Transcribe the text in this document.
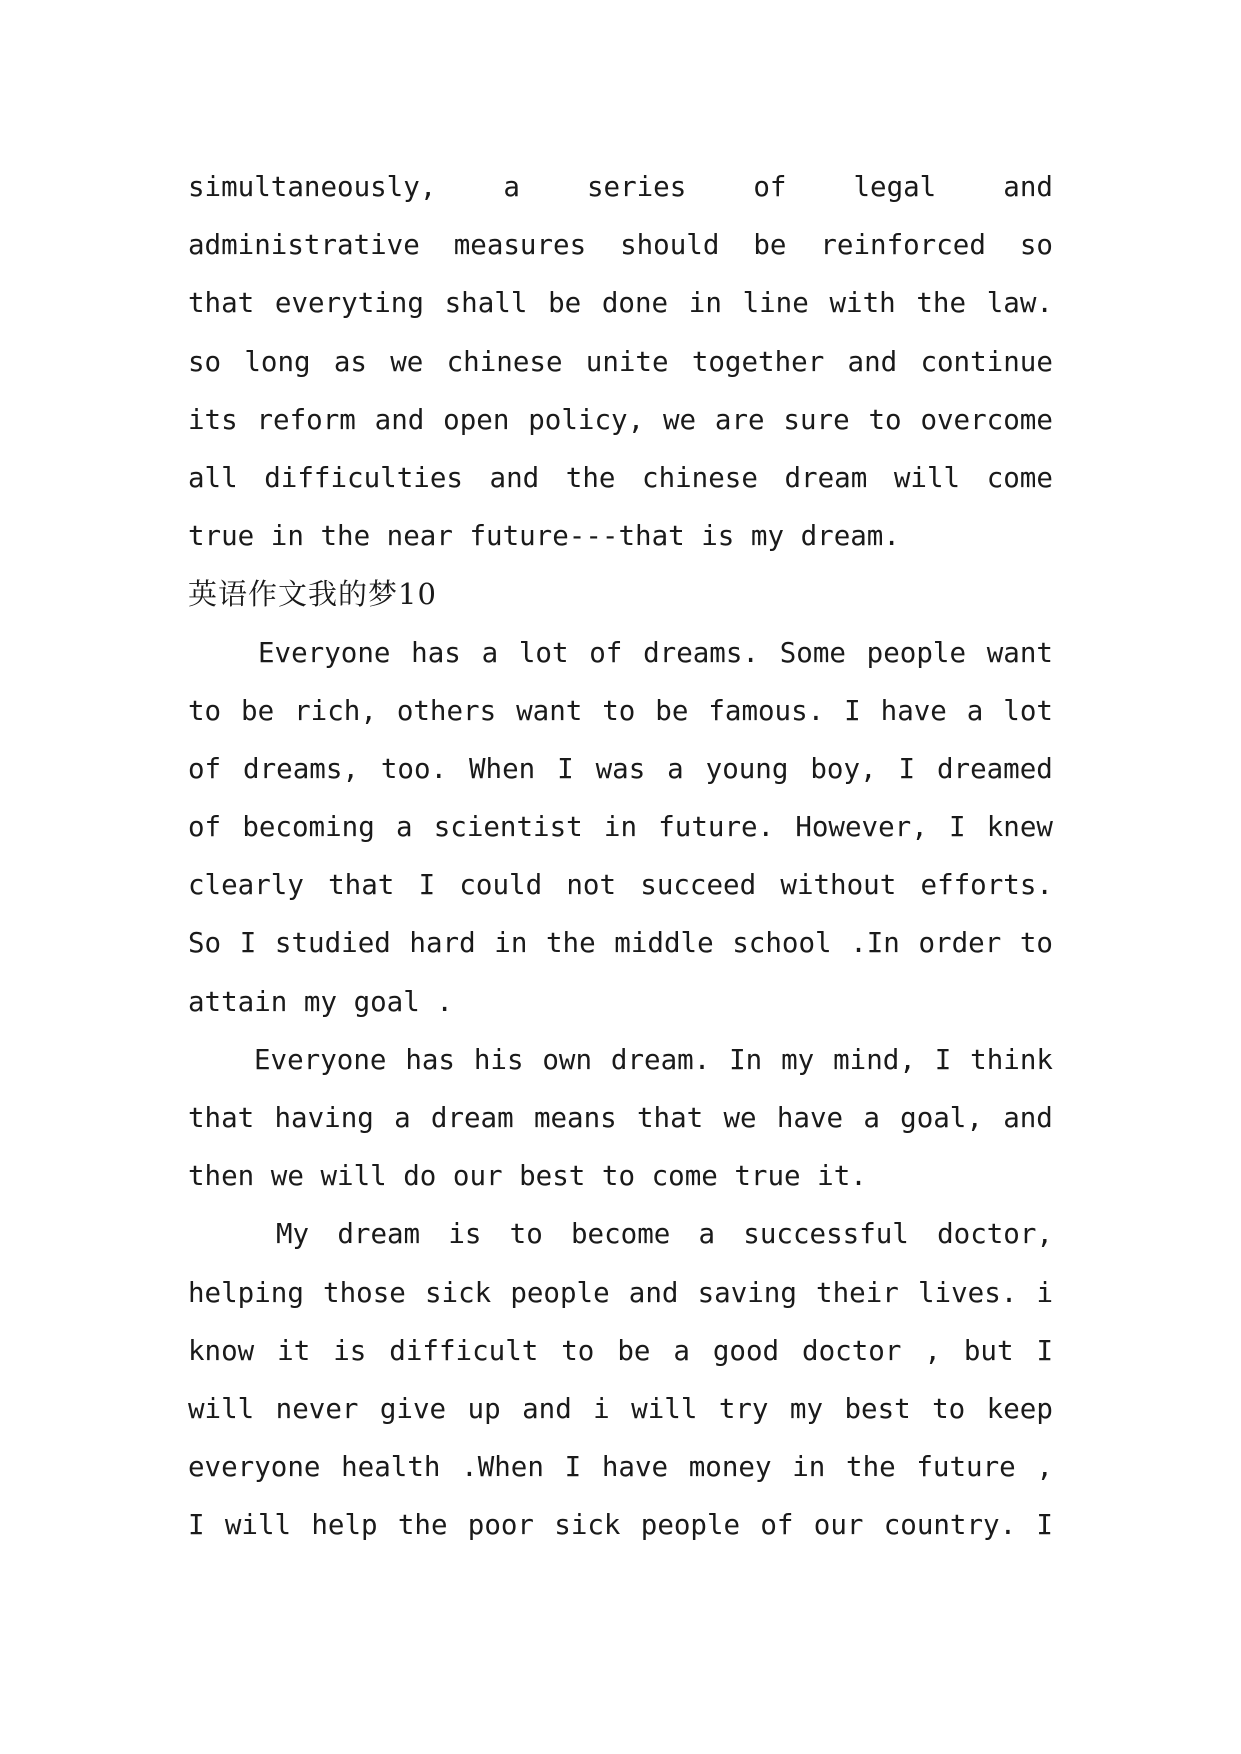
simultaneously, a series of legal and
administrative measures should be reinforced so
that everyting shall be done in line with the law.
so long as we chinese unite together and continue
its reform and open policy, we are sure to overcome
all difficulties and the chinese dream will come
true in the near future---that is my dream.
英语作文我的梦10
Everyone has a lot of dreams. Some people want
to be rich, others want to be famous. I have a lot
of dreams, too. When I was a young boy, I dreamed
of becoming a scientist in future. However, I knew
clearly that I could not succeed without efforts.
So I studied hard in the middle school .In order to
attain my goal .
Everyone has his own dream. In my mind, I think
that having a dream means that we have a goal, and
then we will do our best to come true it.
My dream is to become a successful doctor,
helping those sick people and saving their lives. i
know it is difficult to be a good doctor , but I
will never give up and i will try my best to keep
everyone health .When I have money in the future ,
I will help the poor sick people of our country. I
